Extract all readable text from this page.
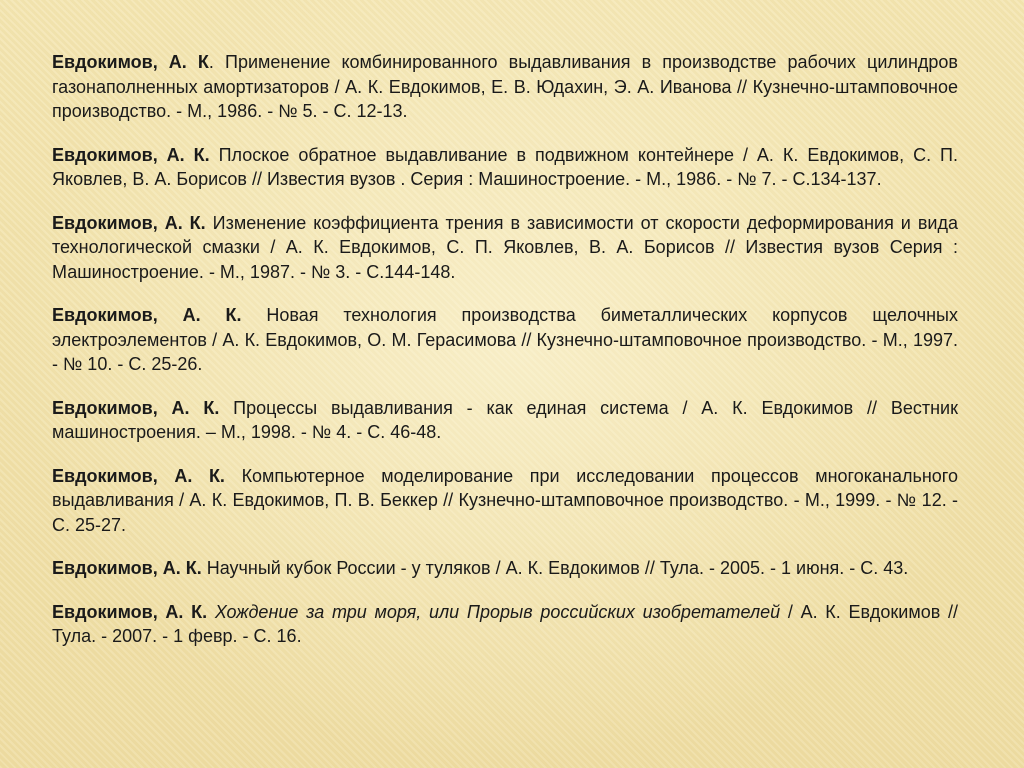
Евдокимов, А. К. Применение комбинированного выдавливания в производстве рабочих цилиндров газонаполненных амортизаторов / А. К. Евдокимов, Е. В. Юдахин, Э. А. Иванова // Кузнечно-штамповочное производство. - М., 1986. - № 5. - С. 12-13.

Евдокимов, А. К. Плоское обратное выдавливание в подвижном контейнере / А. К. Евдокимов, С. П. Яковлев, В. А. Борисов // Известия вузов . Серия : Машиностроение. - М., 1986. - № 7. - С.134-137.

Евдокимов, А. К. Изменение коэффициента трения в зависимости от скорости деформирования и вида технологической смазки / А. К. Евдокимов, С. П. Яковлев, В. А. Борисов // Известия вузов Серия : Машиностроение. - М., 1987. - № 3. - С.144-148.

Евдокимов, А. К. Новая технология производства биметаллических корпусов щелочных электроэлементов / А. К. Евдокимов, О. М. Герасимова // Кузнечно-штамповочное производство. - М., 1997. - № 10. - С. 25-26.

Евдокимов, А. К. Процессы выдавливания - как единая система / А. К. Евдокимов // Вестник машиностроения. – М., 1998. - № 4. - С. 46-48.

Евдокимов, А. К. Компьютерное моделирование при исследовании процессов многоканального выдавливания / А. К. Евдокимов, П. В. Беккер // Кузнечно-штамповочное производство. - М., 1999. - № 12. - С. 25-27.

Евдокимов, А. К. Научный кубок России - у туляков / А. К. Евдокимов // Тула. - 2005. - 1 июня. - С. 43.

Евдокимов, А. К. Хождение за три моря, или Прорыв российских изобретателей / А. К. Евдокимов // Тула. - 2007. - 1 февр. - С. 16.
